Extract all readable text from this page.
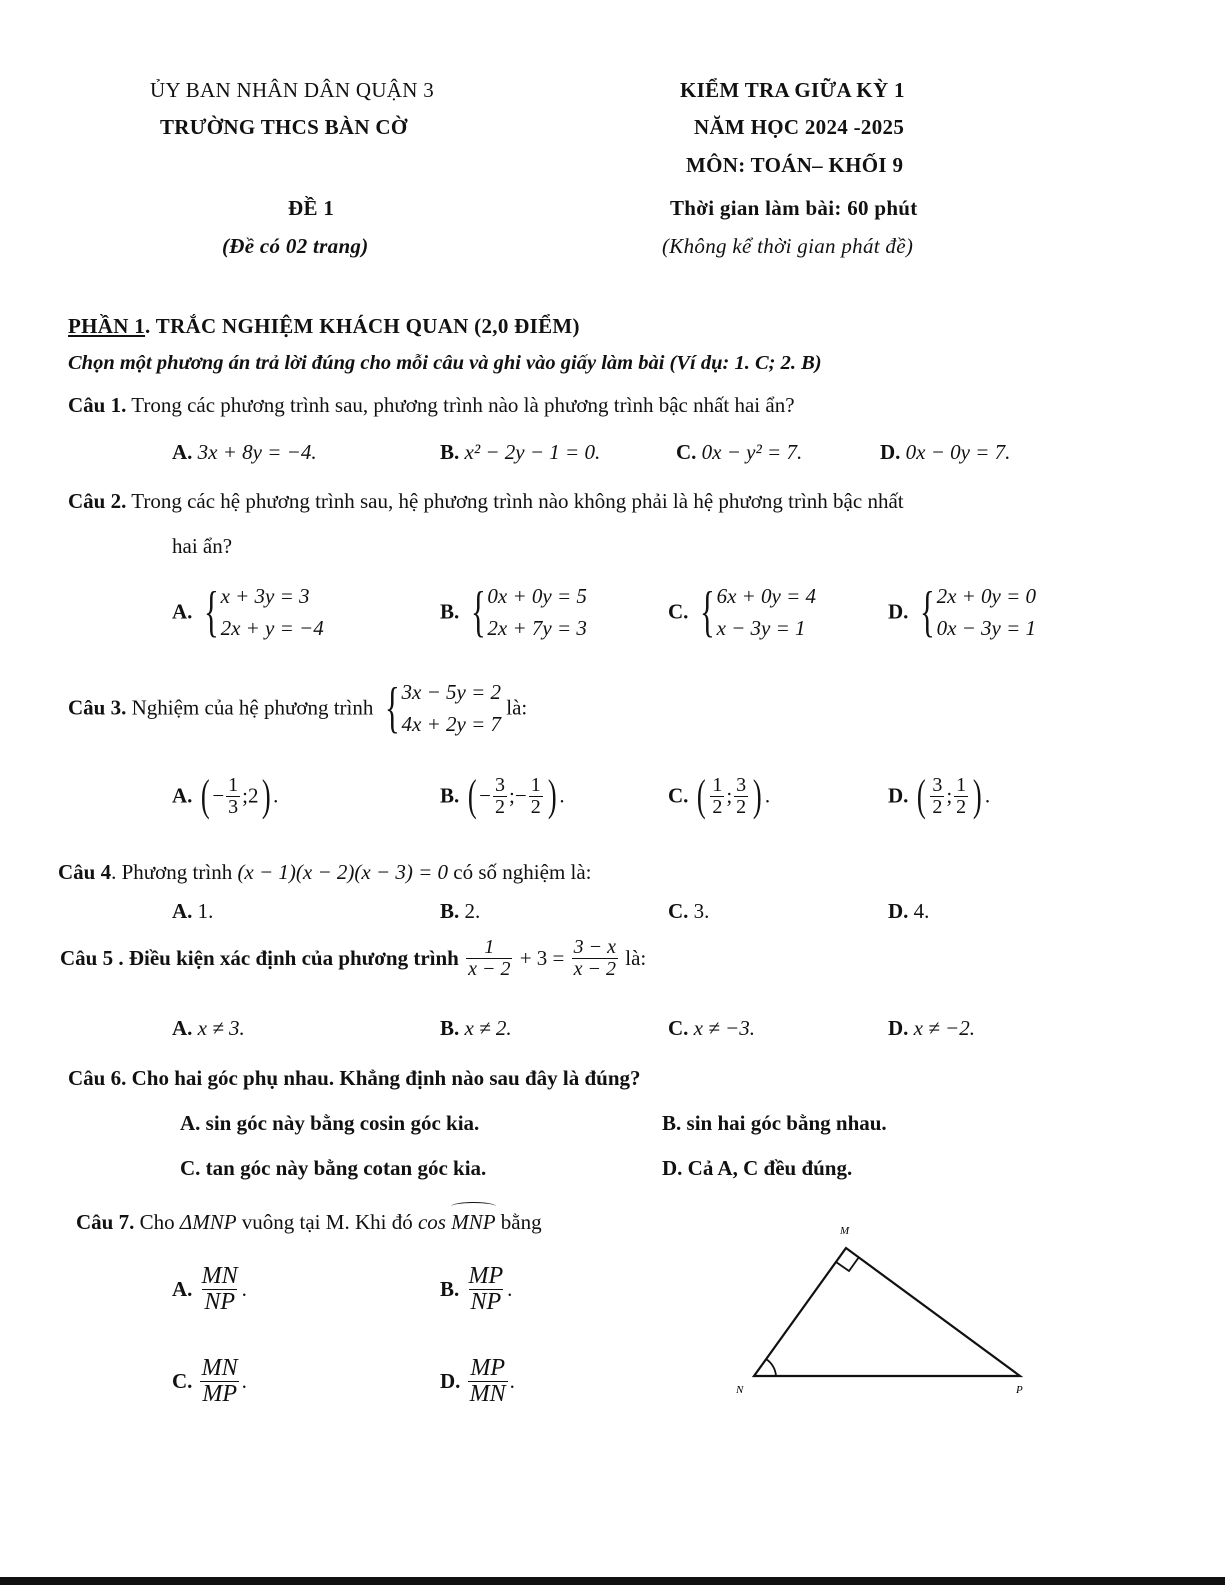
ỦY BAN NHÂN DÂN QUẬN 3
TRƯỜNG THCS BÀN CỜ
ĐỀ 1
(Đề có 02 trang)
KIỂM TRA GIỮA KỲ 1
NĂM HỌC 2024 -2025
MÔN: TOÁN– KHỐI 9
Thời gian làm bài: 60 phút
(Không kể thời gian phát đề)
PHẦN 1. TRẮC NGHIỆM KHÁCH QUAN (2,0 ĐIỂM)
Chọn một phương án trả lời đúng cho mỗi câu và ghi vào giấy làm bài (Ví dụ: 1. C; 2. B)
Câu 1. Trong các phương trình sau, phương trình nào là phương trình bậc nhất hai ẩn?
A. 3x + 8y = −4.	B. x² − 2y − 1 = 0.	C. 0x − y² = 7.	D. 0x − 0y = 7.
Câu 2. Trong các hệ phương trình sau, hệ phương trình nào không phải là hệ phương trình bậc nhất
hai ẩn?
A. { x + 3y = 3
2x + y = −4
B. { 0x + 0y = 5
2x + 7y = 3
C. { 6x + 0y = 4
x − 3y = 1
D. { 2x + 0y = 0
0x − 3y = 1
Câu 3. Nghiệm của hệ phương trình { 3x − 5y = 2
4x + 2y = 7
là:
A. ( − $\frac{1}{3}$ ;2) .	B. ( − $\frac{3}{2}$ ;− $\frac{1}{2}$ ) .	C. ( $\frac{1}{2}$ ; $\frac{3}{2}$ ) .	D. ( $\frac{3}{2}$ ; $\frac{1}{2}$ ) .
Câu 4. Phương trình (x − 1)(x − 2)(x − 3) = 0 có số nghiệm là:
A. 1.	B. 2.	C. 3.	D. 4.
Câu 5 . Điều kiện xác định của phương trình $\frac{1}{x - 2} + 3 = \frac{3 - x}{x - 2}$ là:
A. x ≠ 3.	B. x ≠ 2.	C. x ≠ −3.	D. x ≠ −2.
Câu 6. Cho hai góc phụ nhau. Khẳng định nào sau đây là đúng?
A. sin góc này bằng cosin góc kia.	B. sin hai góc bằng nhau.
C. tan góc này bằng cotan góc kia.	D. Cả A, C đều đúng.
Câu 7. Cho ΔMNP vuông tại M. Khi đó cos
MNP bằng
A. $\frac{MN}{NP}$ .	B. $\frac{MP}{NP}$ .
C. $\frac{MN}{MP}$ .	D. $\frac{MP}{MN}$ .
M
N	P
